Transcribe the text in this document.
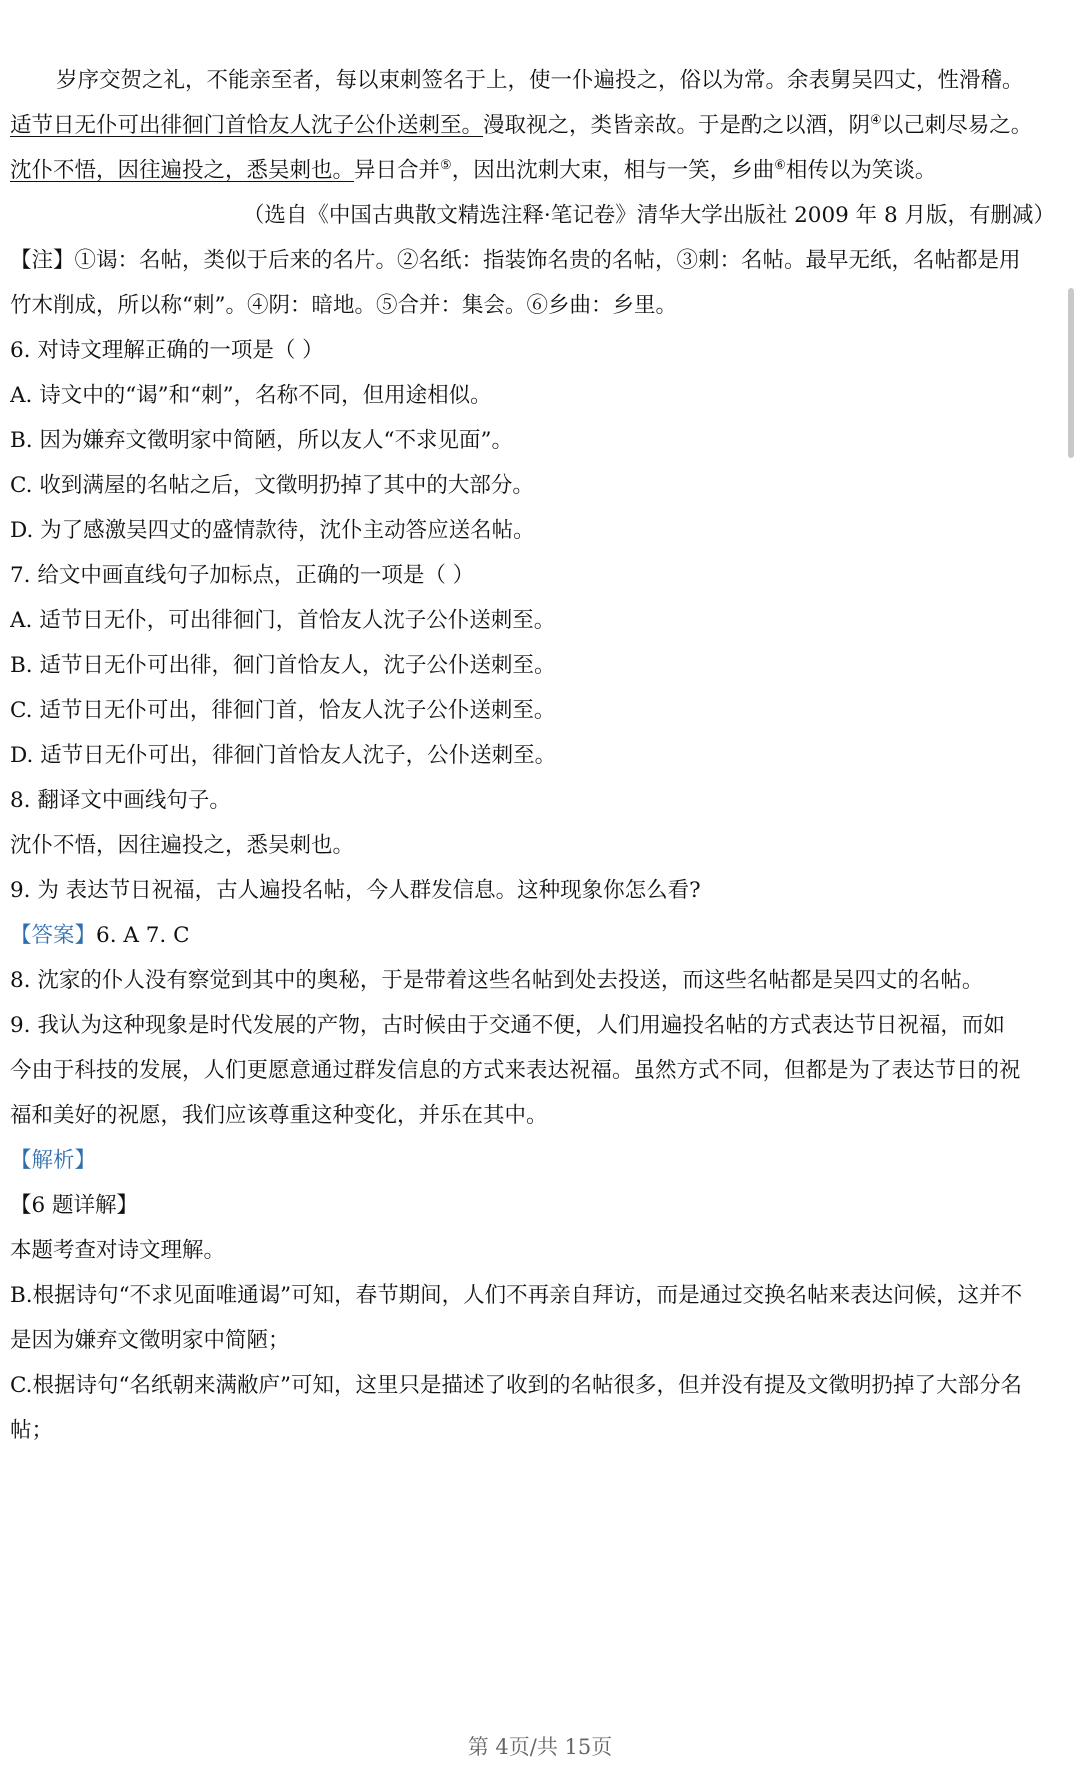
岁序交贺之礼，不能亲至者，每以束刺签名于上，使一仆遍投之，俗以为常。余表舅吴四丈，性滑稽。
适节日无仆可出徘徊门首恰友人沈子公仆送刺至。漫取视之，类皆亲故。于是酌之以酒，阴④以己刺尽易之。
沈仆不悟，因往遍投之，悉吴刺也。异日合并⑤，因出沈刺大束，相与一笑，乡曲⑥相传以为笑谈。
（选自《中国古典散文精选注释·笔记卷》清华大学出版社 2009 年 8 月版，有删减）
【注】①谒：名帖，类似于后来的名片。②名纸：指装饰名贵的名帖，③刺：名帖。最早无纸，名帖都是用
竹木削成，所以称“刺”。④阴：暗地。⑤合并：集会。⑥乡曲：乡里。
6. 对诗文理解正确的一项是（ ）
A. 诗文中的“谒”和“刺”，名称不同，但用途相似。
B. 因为嫌弃文徵明家中简陋，所以友人“不求见面”。
C. 收到满屋的名帖之后，文徵明扔掉了其中的大部分。
D. 为了感激吴四丈的盛情款待，沈仆主动答应送名帖。
7. 给文中画直线句子加标点，正确的一项是（ ）
A. 适节日无仆，可出徘徊门，首恰友人沈子公仆送刺至。
B. 适节日无仆可出徘，徊门首恰友人，沈子公仆送刺至。
C. 适节日无仆可出，徘徊门首，恰友人沈子公仆送刺至。
D. 适节日无仆可出，徘徊门首恰友人沈子，公仆送刺至。
8. 翻译文中画线句子。
沈仆不悟，因往遍投之，悉吴刺也。
9. 为 表达节日祝福，古人遍投名帖，今人群发信息。这种现象你怎么看?
【答案】6. A 7. C
8. 沈家的仆人没有察觉到其中的奥秘，于是带着这些名帖到处去投送，而这些名帖都是吴四丈的名帖。
9. 我认为这种现象是时代发展的产物，古时候由于交通不便，人们用遍投名帖的方式表达节日祝福，而如
今由于科技的发展，人们更愿意通过群发信息的方式来表达祝福。虽然方式不同，但都是为了表达节日的祝
福和美好的祝愿，我们应该尊重这种变化，并乐在其中。
【解析】
【6 题详解】
本题考查对诗文理解。
B.根据诗句“不求见面唯通谒”可知，春节期间，人们不再亲自拜访，而是通过交换名帖来表达问候，这并不
是因为嫌弃文徵明家中简陋；
C.根据诗句“名纸朝来满敝庐”可知，这里只是描述了收到的名帖很多，但并没有提及文徵明扔掉了大部分名
帖；
第 4页/共 15页
